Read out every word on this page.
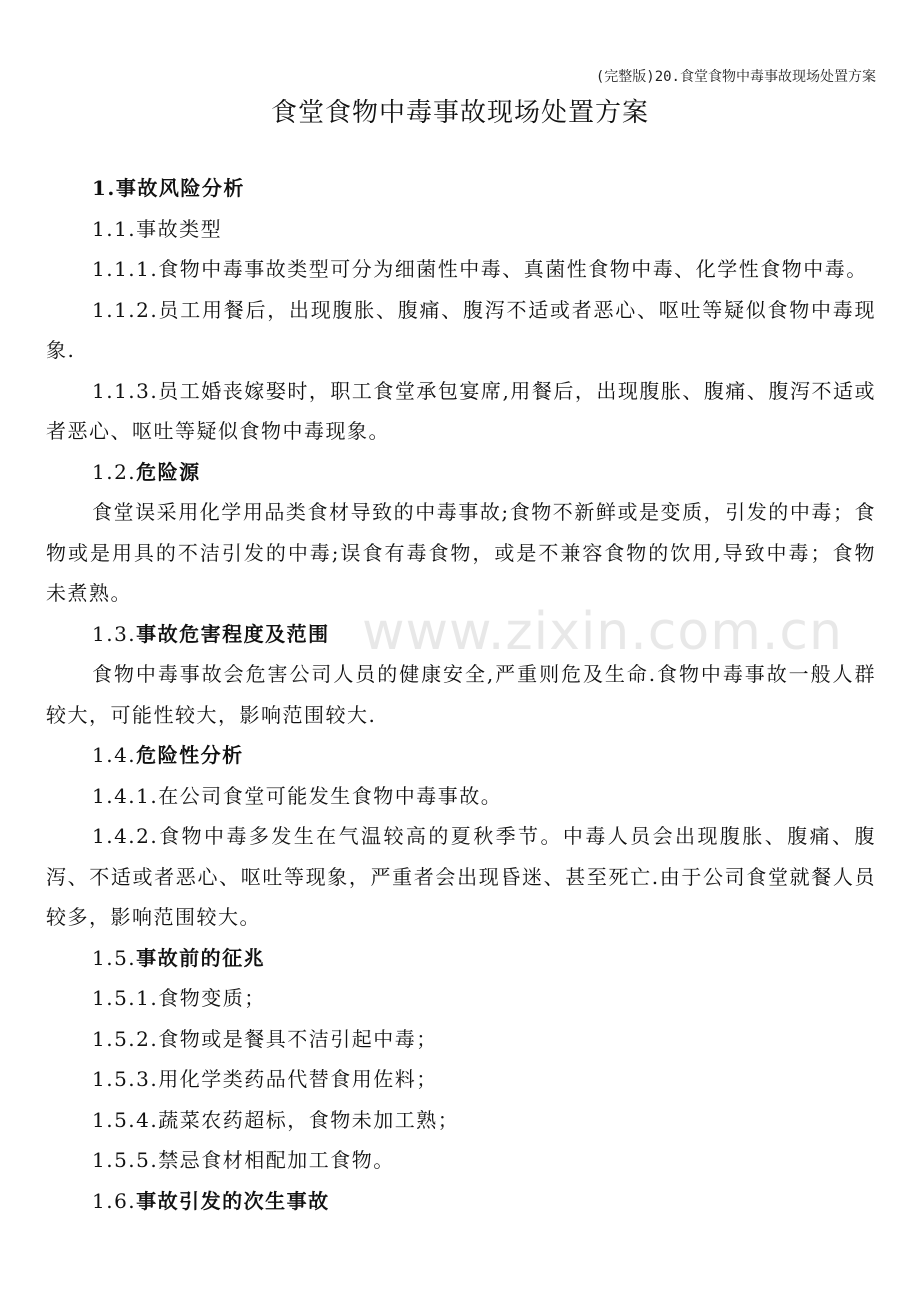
(完整版)20.食堂食物中毒事故现场处置方案
食堂食物中毒事故现场处置方案

1.事故风险分析

1.1.事故类型

1.1.1.食物中毒事故类型可分为细菌性中毒、真菌性食物中毒、化学性食物中毒。

1.1.2.员工用餐后，出现腹胀、腹痛、腹泻不适或者恶心、呕吐等疑似食物中毒现象.

1.1.3.员工婚丧嫁娶时，职工食堂承包宴席,用餐后，出现腹胀、腹痛、腹泻不适或者恶心、呕吐等疑似食物中毒现象。

1.2.危险源

食堂误采用化学用品类食材导致的中毒事故;食物不新鲜或是变质，引发的中毒；食物或是用具的不洁引发的中毒;误食有毒食物，或是不兼容食物的饮用,导致中毒；食物未煮熟。

1.3.事故危害程度及范围

食物中毒事故会危害公司人员的健康安全,严重则危及生命.食物中毒事故一般人群较大，可能性较大，影响范围较大.

1.4.危险性分析

1.4.1.在公司食堂可能发生食物中毒事故。

1.4.2.食物中毒多发生在气温较高的夏秋季节。中毒人员会出现腹胀、腹痛、腹泻、不适或者恶心、呕吐等现象，严重者会出现昏迷、甚至死亡.由于公司食堂就餐人员较多，影响范围较大。

1.5.事故前的征兆

1.5.1.食物变质；

1.5.2.食物或是餐具不洁引起中毒；

1.5.3.用化学类药品代替食用佐料；

1.5.4.蔬菜农药超标，食物未加工熟；

1.5.5.禁忌食材相配加工食物。

1.6.事故引发的次生事故

www.zixin.com.cn
